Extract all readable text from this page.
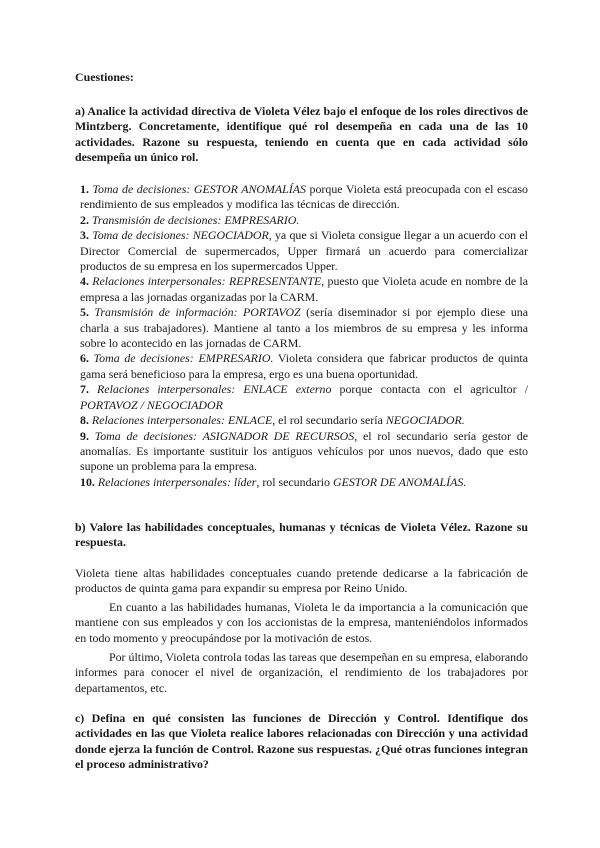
Cuestiones:

a) Analice la actividad directiva de Violeta Vélez bajo el enfoque de los roles directivos de Mintzberg. Concretamente, identifique qué rol desempeña en cada una de las 10 actividades. Razone su respuesta, teniendo en cuenta que en cada actividad sólo desempeña un único rol.

1. Toma de decisiones: GESTOR ANOMALÍAS porque Violeta está preocupada con el escaso rendimiento de sus empleados y modifica las técnicas de dirección.

2. Transmisión de decisiones: EMPRESARIO.

3. Toma de decisiones: NEGOCIADOR, ya que si Violeta consigue llegar a un acuerdo con el Director Comercial de supermercados, Upper firmará un acuerdo para comercializar productos de su empresa en los supermercados Upper.

4. Relaciones interpersonales: REPRESENTANTE, puesto que Violeta acude en nombre de la empresa a las jornadas organizadas por la CARM.

5. Transmisión de información: PORTAVOZ (sería diseminador si por ejemplo diese una charla a sus trabajadores). Mantiene al tanto a los miembros de su empresa y les informa sobre lo acontecido en las jornadas de CARM.

6. Toma de decisiones: EMPRESARIO. Violeta considera que fabricar productos de quinta gama será beneficioso para la empresa, ergo es una buena oportunidad.

7. Relaciones interpersonales: ENLACE externo porque contacta con el agricultor / PORTAVOZ / NEGOCIADOR

8. Relaciones interpersonales: ENLACE, el rol secundario sería NEGOCIADOR.

9. Toma de decisiones: ASIGNADOR DE RECURSOS, el rol secundario sería gestor de anomalías. Es importante sustituir los antiguos vehículos por unos nuevos, dado que esto supone un problema para la empresa.

10. Relaciones interpersonales: líder, rol secundario GESTOR DE ANOMALÍAS.

b) Valore las habilidades conceptuales, humanas y técnicas de Violeta Vélez. Razone su respuesta.

Violeta tiene altas habilidades conceptuales cuando pretende dedicarse a la fabricación de productos de quinta gama para expandir su empresa por Reino Unido.

En cuanto a las habilidades humanas, Violeta le da importancia a la comunicación que mantiene con sus empleados y con los accionistas de la empresa, manteniéndolos informados en todo momento y preocupándose por la motivación de estos.

Por último, Violeta controla todas las tareas que desempeñan en su empresa, elaborando informes para conocer el nivel de organización, el rendimiento de los trabajadores por departamentos, etc.

c) Defina en qué consisten las funciones de Dirección y Control. Identifique dos actividades en las que Violeta realice labores relacionadas con Dirección y una actividad donde ejerza la función de Control. Razone sus respuestas. ¿Qué otras funciones integran el proceso administrativo?
